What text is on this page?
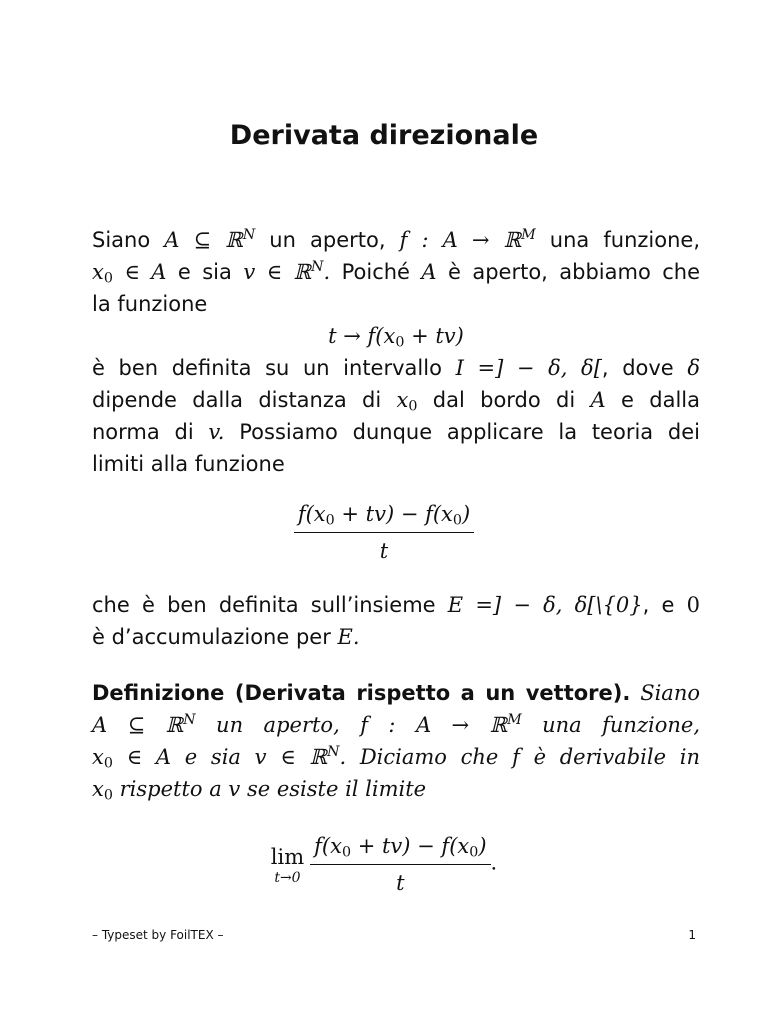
Derivata direzionale
Siano A ⊆ ℝ$^N$ un aperto, f : A → ℝ$^M$ una funzione,
$x_0$ ∈ A e sia v ∈ ℝ$^N$. Poiché A è aperto, abbiamo che
la funzione
$t \to f(x_0 + tv)$
è ben definita su un intervallo I =] − δ, δ[, dove δ
dipende dalla distanza di $x_0$ dal bordo di A e dalla
norma di v. Possiamo dunque applicare la teoria dei
limiti alla funzione
$\frac{f(x_0 + tv) - f(x_0)}{t}$
che è ben definita sull’insieme E =] − δ, δ[\{0}, e 0
è d’accumulazione per E.
Definizione (Derivata rispetto a un vettore). Siano
A ⊆ ℝ$^N$ un aperto, f : A → ℝ$^M$ una funzione,
$x_0$ ∈ A e sia v ∈ ℝ$^N$. Diciamo che f è derivabile in
$x_0$ rispetto a v se esiste il limite
lim
$t\to 0 \frac{f(x_0 + tv) - f(x_0)}{t}$ .
– Typeset by FoilTEX –	1
